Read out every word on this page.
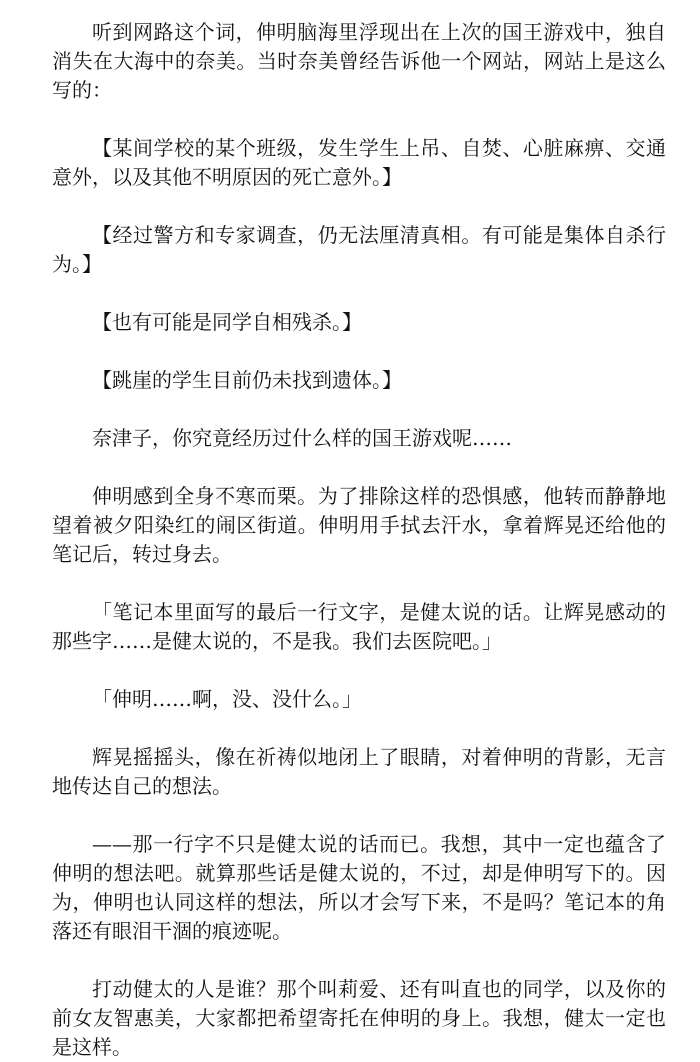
听到网路这个词，伸明脑海里浮现出在上次的国王游戏中，独自消失在大海中的奈美。当时奈美曾经告诉他一个网站，网站上是这么写的：

【某间学校的某个班级，发生学生上吊、自焚、心脏麻痹、交通意外，以及其他不明原因的死亡意外。】

【经过警方和专家调查，仍无法厘清真相。有可能是集体自杀行为。】

【也有可能是同学自相残杀。】

【跳崖的学生目前仍未找到遗体。】

奈津子，你究竟经历过什么样的国王游戏呢……

伸明感到全身不寒而栗。为了排除这样的恐惧感，他转而静静地望着被夕阳染红的闹区街道。伸明用手拭去汗水，拿着辉晃还给他的笔记后，转过身去。

「笔记本里面写的最后一行文字，是健太说的话。让辉晃感动的那些字……是健太说的，不是我。我们去医院吧。」

「伸明……啊，没、没什么。」

辉晃摇摇头，像在祈祷似地闭上了眼睛，对着伸明的背影，无言地传达自己的想法。

——那一行字不只是健太说的话而已。我想，其中一定也蕴含了伸明的想法吧。就算那些话是健太说的，不过，却是伸明写下的。因为，伸明也认同这样的想法，所以才会写下来，不是吗？笔记本的角落还有眼泪干涸的痕迹呢。

打动健太的人是谁？那个叫莉爱、还有叫直也的同学，以及你的前女友智惠美，大家都把希望寄托在伸明的身上。我想，健太一定也是这样。
